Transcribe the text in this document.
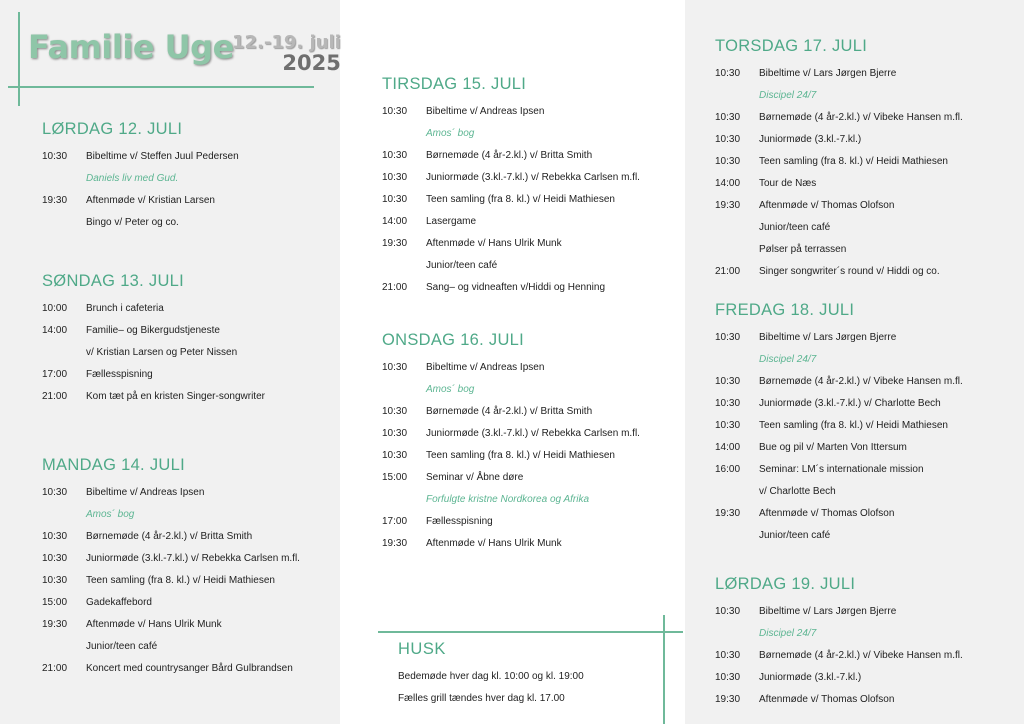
Familie Uge
12.-19. juli
2025
LØRDAG 12. JULI
10:30	Bibeltime v/ Steffen Juul Pedersen
Daniels liv med Gud.
19:30	Aftenmøde v/ Kristian Larsen
Bingo v/ Peter og co.
SØNDAG 13. JULI
10:00	Brunch i cafeteria
14:00	Familie– og Bikergudstjeneste
v/ Kristian Larsen og Peter Nissen
17:00	Fællesspisning
21:00	Kom tæt på en kristen Singer-songwriter
MANDAG 14. JULI
10:30	Bibeltime v/ Andreas Ipsen
Amos´ bog
10:30	Børnemøde (4 år-2.kl.) v/ Britta Smith
10:30	Juniormøde (3.kl.-7.kl.) v/ Rebekka Carlsen m.fl.
10:30	Teen samling (fra 8. kl.) v/ Heidi Mathiesen
15:00	Gadekaffebord
19:30	Aftenmøde v/ Hans Ulrik Munk
Junior/teen café
21:00	Koncert med countrysanger Bård Gulbrandsen
TIRSDAG 15. JULI
10:30	Bibeltime v/ Andreas Ipsen
Amos´ bog
10:30	Børnemøde (4 år-2.kl.) v/ Britta Smith
10:30	Juniormøde (3.kl.-7.kl.) v/ Rebekka Carlsen m.fl.
10:30	Teen samling (fra 8. kl.) v/ Heidi Mathiesen
14:00	Lasergame
19:30	Aftenmøde v/ Hans Ulrik Munk
Junior/teen café
21:00	Sang– og vidneaften v/Hiddi og Henning
ONSDAG 16. JULI
10:30	Bibeltime v/ Andreas Ipsen
Amos´ bog
10:30	Børnemøde (4 år-2.kl.) v/ Britta Smith
10:30	Juniormøde (3.kl.-7.kl.) v/ Rebekka Carlsen m.fl.
10:30	Teen samling (fra 8. kl.) v/ Heidi Mathiesen
15:00	Seminar v/ Åbne døre
Forfulgte kristne Nordkorea og Afrika
17:00	Fællesspisning
19:30	Aftenmøde v/ Hans Ulrik Munk
TORSDAG 17. JULI
10:30	Bibeltime v/ Lars Jørgen Bjerre
Discipel 24/7
10:30	Børnemøde (4 år-2.kl.) v/ Vibeke Hansen m.fl.
10:30	Juniormøde (3.kl.-7.kl.)
10:30	Teen samling (fra 8. kl.) v/ Heidi Mathiesen
14:00	Tour de Næs
19:30	Aftenmøde v/ Thomas Olofson
Junior/teen café
Pølser på terrassen
21:00	Singer songwriter´s round v/ Hiddi og co.
FREDAG 18. JULI
10:30	Bibeltime v/ Lars Jørgen Bjerre
Discipel 24/7
10:30	Børnemøde (4 år-2.kl.) v/ Vibeke Hansen m.fl.
10:30	Juniormøde (3.kl.-7.kl.) v/ Charlotte Bech
10:30	Teen samling (fra 8. kl.) v/ Heidi Mathiesen
14:00	Bue og pil v/ Marten Von Ittersum
16:00	Seminar: LM´s internationale mission
v/ Charlotte Bech
19:30	Aftenmøde v/ Thomas Olofson
Junior/teen café
LØRDAG 19. JULI
10:30	Bibeltime v/ Lars Jørgen Bjerre
Discipel 24/7
10:30	Børnemøde (4 år-2.kl.) v/ Vibeke Hansen m.fl.
10:30	Juniormøde (3.kl.-7.kl.)
19:30	Aftenmøde v/ Thomas Olofson
HUSK
Bedemøde hver dag kl. 10:00 og kl. 19:00
Fælles grill tændes hver dag kl. 17.00
